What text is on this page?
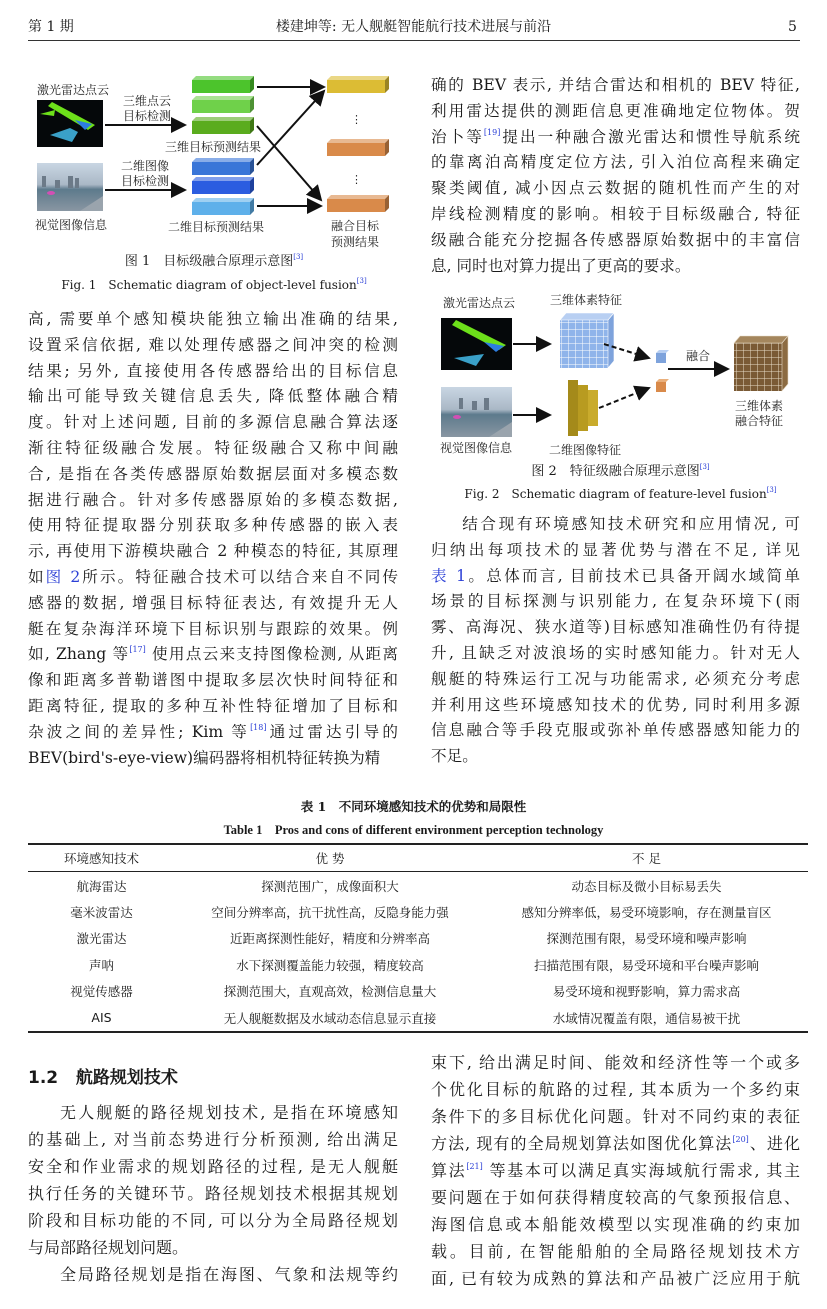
第 1 期	楼建坤等: 无人舰艇智能航行技术进展与前沿	5
激光雷达点云
视觉图像信息
三维点云
目标检测
二维图像
目标检测
三维目标预测结果
二维目标预测结果
⋮
⋮
融合目标
预测结果
图 1　目标级融合原理示意图[3]
Fig. 1　Schematic diagram of object-level fusion[3]
激光雷达点云
视觉图像信息
三维体素特征
二维图像特征
融合
三维体素
融合特征
图 2　特征级融合原理示意图[3]
Fig. 2　Schematic diagram of feature-level fusion[3]
高, 需要单个感知模块能独立输出准确的结果,
设置采信依据, 难以处理传感器之间冲突的检测
结果; 另外, 直接使用各传感器给出的目标信息
输出可能导致关键信息丢失, 降低整体融合精
度。针对上述问题, 目前的多源信息融合算法逐
渐往特征级融合发展。特征级融合又称中间融
合, 是指在各类传感器原始数据层面对多模态数
据进行融合。针对多传感器原始的多模态数据,
使用特征提取器分别获取多种传感器的嵌入表
示, 再使用下游模块融合 2 种模态的特征, 其原理
如图 2所示。特征融合技术可以结合来自不同传
感器的数据, 增强目标特征表达, 有效提升无人
艇在复杂海洋环境下目标识别与跟踪的效果。例
如, Zhang 等[17] 使用点云来支持图像检测, 从距离
像和距离多普勒谱图中提取多层次快时间特征和
距离特征, 提取的多种互补性特征增加了目标和
杂波之间的差异性; Kim 等[18]通过雷达引导的
BEV(bird's-eye-view)编码器将相机特征转换为精
确的 BEV 表示, 并结合雷达和相机的 BEV 特征,
利用雷达提供的测距信息更准确地定位物体。贺
治卜等[19]提出一种融合激光雷达和惯性导航系统
的靠离泊高精度定位方法, 引入泊位高程来确定
聚类阈值, 减小因点云数据的随机性而产生的对
岸线检测精度的影响。相较于目标级融合, 特征
级融合能充分挖掘各传感器原始数据中的丰富信
息, 同时也对算力提出了更高的要求。
结合现有环境感知技术研究和应用情况, 可
归纳出每项技术的显著优势与潜在不足, 详见
表 1。总体而言, 目前技术已具备开阔水域简单
场景的目标探测与识别能力, 在复杂环境下(雨
雾、高海况、狭水道等)目标感知准确性仍有待提
升, 且缺乏对波浪场的实时感知能力。针对无人
舰艇的特殊运行工况与功能需求, 必须充分考虑
并利用这些环境感知技术的优势, 同时利用多源
信息融合等手段克服或弥补单传感器感知能力的
不足。
表 1　不同环境感知技术的优势和局限性
Table 1　Pros and cons of different environment perception technology
环境感知技术	优 势	不 足
航海雷达	探测范围广，成像面积大	动态目标及微小目标易丢失
毫米波雷达	空间分辨率高，抗干扰性高，反隐身能力强	感知分辨率低，易受环境影响，存在测量盲区
激光雷达	近距离探测性能好，精度和分辨率高	探测范围有限，易受环境和噪声影响
声呐	水下探测覆盖能力较强，精度较高	扫描范围有限，易受环境和平台噪声影响
视觉传感器	探测范围大，直观高效，检测信息量大	易受环境和视野影响，算力需求高
AIS	无人舰艇数据及水域动态信息显示直接	水域情况覆盖有限，通信易被干扰
1.2 航路规划技术
无人舰艇的路径规划技术, 是指在环境感知
的基础上, 对当前态势进行分析预测, 给出满足
安全和作业需求的规划路径的过程, 是无人舰艇
执行任务的关键环节。路径规划技术根据其规划
阶段和目标功能的不同, 可以分为全局路径规划
与局部路径规划问题。
全局路径规划是指在海图、气象和法规等约
束下, 给出满足时间、能效和经济性等一个或多
个优化目标的航路的过程, 其本质为一个多约束
条件下的多目标优化问题。针对不同约束的表征
方法, 现有的全局规划算法如图优化算法[20]、进化
算法[21] 等基本可以满足真实海域航行需求, 其主
要问题在于如何获得精度较高的气象预报信息、
海图信息或本船能效模型以实现准确的约束加
载。目前, 在智能船舶的全局路径规划技术方
面, 已有较为成熟的算法和产品被广泛应用于航
